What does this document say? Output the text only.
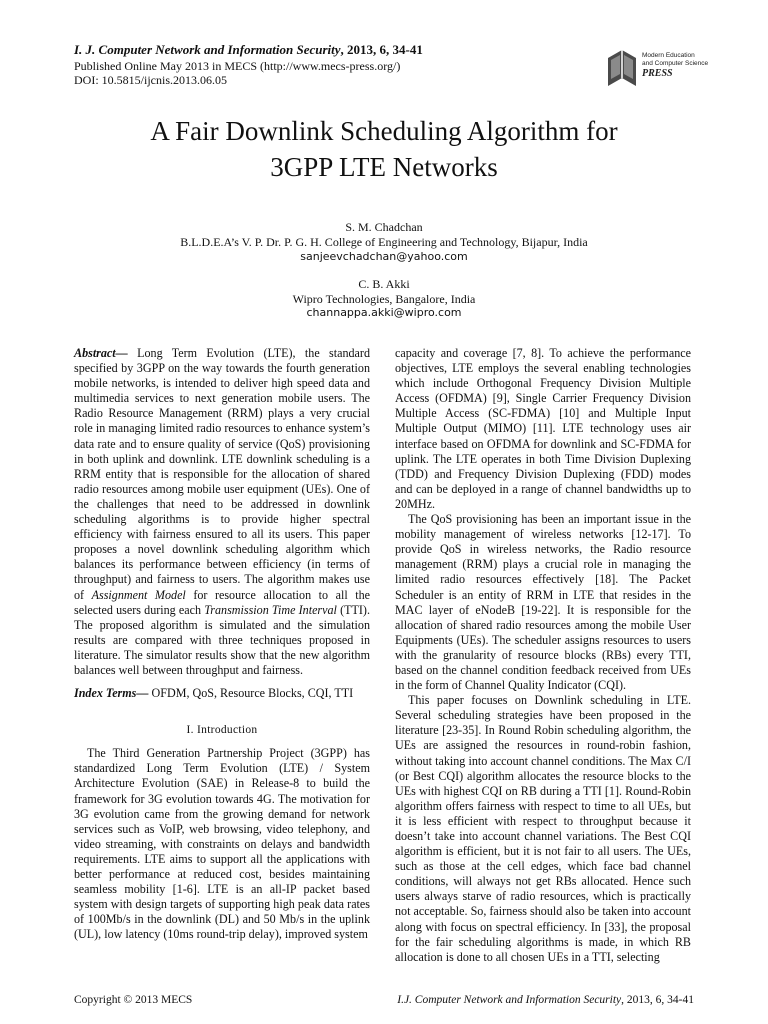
I. J. Computer Network and Information Security, 2013, 6, 34-41
Published Online May 2013 in MECS (http://www.mecs-press.org/)
DOI: 10.5815/ijcnis.2013.06.05
Modern Education
and Computer Science
PRESS
A Fair Downlink Scheduling Algorithm for
3GPP LTE Networks
S. M. Chadchan
B.L.D.E.A’s V. P. Dr. P. G. H. College of Engineering and Technology, Bijapur, India
sanjeevchadchan@yahoo.com
C. B. Akki
Wipro Technologies, Bangalore, India
channappa.akki@wipro.com

Abstract— Long Term Evolution (LTE), the standard specified by 3GPP on the way towards the fourth generation mobile networks, is intended to deliver high speed data and multimedia services to next generation mobile users. The Radio Resource Management (RRM) plays a very crucial role in managing limited radio resources to enhance system’s data rate and to ensure quality of service (QoS) provisioning in both uplink and downlink. LTE downlink scheduling is a RRM entity that is responsible for the allocation of shared radio resources among mobile user equipment (UEs). One of the challenges that need to be addressed in downlink scheduling algorithms is to provide higher spectral efficiency with fairness ensured to all its users. This paper proposes a novel downlink scheduling algorithm which balances its performance between efficiency (in terms of throughput) and fairness to users. The algorithm makes use of Assignment Model for resource allocation to all the selected users during each Transmission Time Interval (TTI). The proposed algorithm is simulated and the simulation results are compared with three techniques proposed in literature. The simulator results show that the new algorithm balances well between throughput and fairness.

Index Terms— OFDM, QoS, Resource Blocks, CQI, TTI

I. Introduction

The Third Generation Partnership Project (3GPP) has standardized Long Term Evolution (LTE) / System Architecture Evolution (SAE) in Release-8 to build the framework for 3G evolution towards 4G. The motivation for 3G evolution came from the growing demand for network services such as VoIP, web browsing, video telephony, and video streaming, with constraints on delays and bandwidth requirements. LTE aims to support all the applications with better performance at reduced cost, besides maintaining seamless mobility [1-6]. LTE is an all-IP packet based system with design targets of supporting high peak data rates of 100Mb/s in the downlink (DL) and 50 Mb/s in the uplink (UL), low latency (10ms round-trip delay), improved system

capacity and coverage [7, 8]. To achieve the performance objectives, LTE employs the several enabling technologies which include Orthogonal Frequency Division Multiple Access (OFDMA) [9], Single Carrier Frequency Division Multiple Access (SC-FDMA) [10] and Multiple Input Multiple Output (MIMO) [11]. LTE technology uses air interface based on OFDMA for downlink and SC-FDMA for uplink. The LTE operates in both Time Division Duplexing (TDD) and Frequency Division Duplexing (FDD) modes and can be deployed in a range of channel bandwidths up to 20MHz.

The QoS provisioning has been an important issue in the mobility management of wireless networks [12-17]. To provide QoS in wireless networks, the Radio resource management (RRM) plays a crucial role in managing the limited radio resources effectively [18]. The Packet Scheduler is an entity of RRM in LTE that resides in the MAC layer of eNodeB [19-22]. It is responsible for the allocation of shared radio resources among the mobile User Equipments (UEs). The scheduler assigns resources to users with the granularity of resource blocks (RBs) every TTI, based on the channel condition feedback received from UEs in the form of Channel Quality Indicator (CQI).

This paper focuses on Downlink scheduling in LTE. Several scheduling strategies have been proposed in the literature [23-35]. In Round Robin scheduling algorithm, the UEs are assigned the resources in round-robin fashion, without taking into account channel conditions. The Max C/I (or Best CQI) algorithm allocates the resource blocks to the UEs with highest CQI on RB during a TTI [1]. Round-Robin algorithm offers fairness with respect to time to all UEs, but it is less efficient with respect to throughput because it doesn’t take into account channel variations. The Best CQI algorithm is efficient, but it is not fair to all users. The UEs, such as those at the cell edges, which face bad channel conditions, will always not get RBs allocated. Hence such users always starve of radio resources, which is practically not acceptable. So, fairness should also be taken into account along with focus on spectral efficiency. In [33], the proposal for the fair scheduling algorithms is made, in which RB allocation is done to all chosen UEs in a TTI, selecting

Copyright © 2013 MECS	I.J. Computer Network and Information Security, 2013, 6, 34-41
